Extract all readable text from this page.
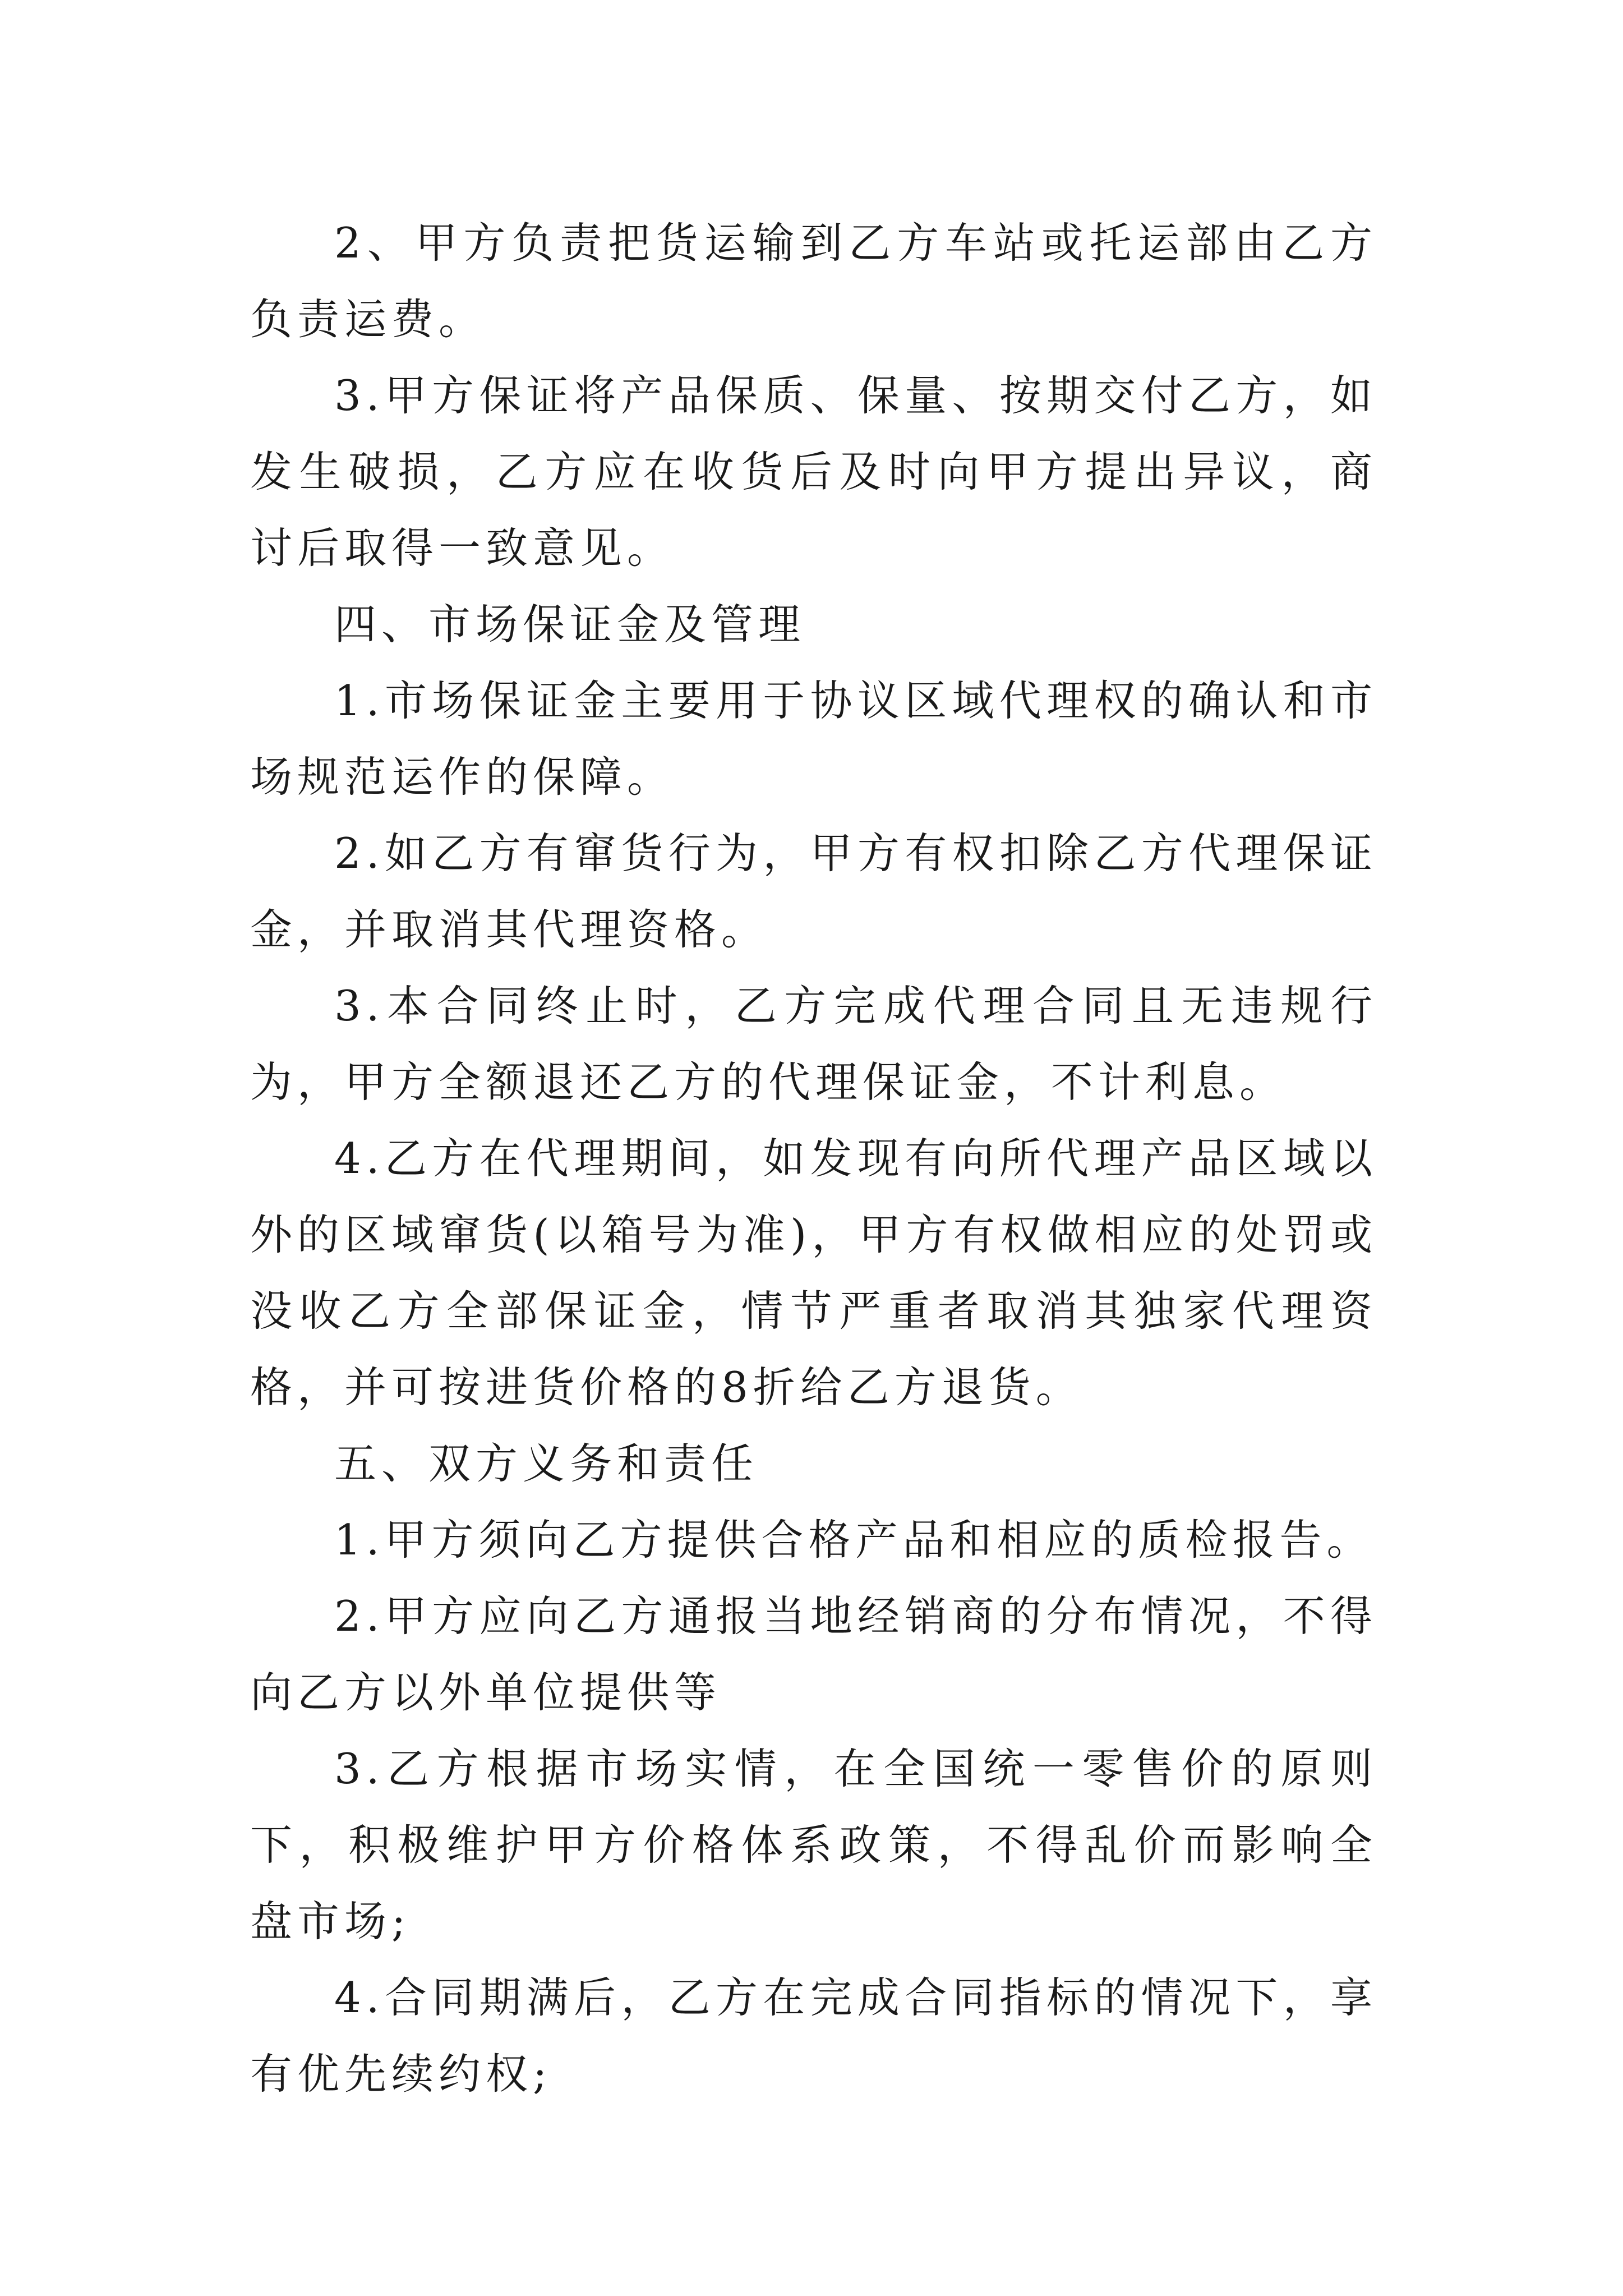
2、甲方负责把货运输到乙方车站或托运部由乙方负责运费。

3.甲方保证将产品保质、保量、按期交付乙方，如发生破损，乙方应在收货后及时向甲方提出异议，商讨后取得一致意见。

四、市场保证金及管理

1.市场保证金主要用于协议区域代理权的确认和市场规范运作的保障。

2.如乙方有窜货行为，甲方有权扣除乙方代理保证金，并取消其代理资格。

3.本合同终止时，乙方完成代理合同且无违规行为，甲方全额退还乙方的代理保证金，不计利息。

4.乙方在代理期间，如发现有向所代理产品区域以外的区域窜货(以箱号为准)，甲方有权做相应的处罚或没收乙方全部保证金，情节严重者取消其独家代理资格，并可按进货价格的8折给乙方退货。

五、双方义务和责任

1.甲方须向乙方提供合格产品和相应的质检报告。

2.甲方应向乙方通报当地经销商的分布情况，不得向乙方以外单位提供等

3.乙方根据市场实情，在全国统一零售价的原则下，积极维护甲方价格体系政策，不得乱价而影响全盘市场;

4.合同期满后，乙方在完成合同指标的情况下，享有优先续约权;
